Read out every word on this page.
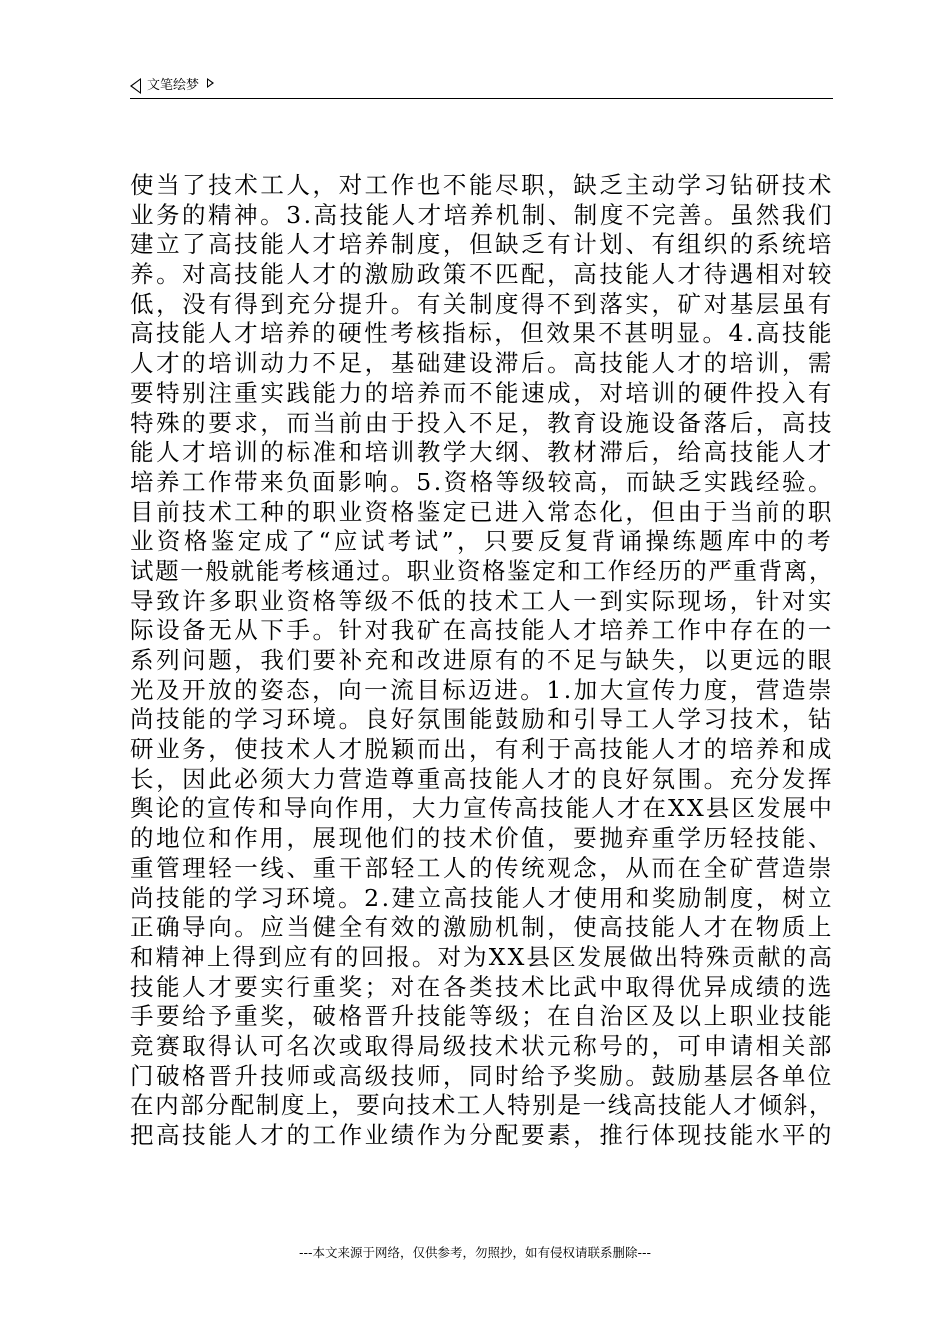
文笔绘梦
使当了技术工人，对工作也不能尽职，缺乏主动学习钻研技术
业务的精神。3.高技能人才培养机制、制度不完善。虽然我们
建立了高技能人才培养制度，但缺乏有计划、有组织的系统培
养。对高技能人才的激励政策不匹配，高技能人才待遇相对较
低，没有得到充分提升。有关制度得不到落实，矿对基层虽有
高技能人才培养的硬性考核指标，但效果不甚明显。4.高技能
人才的培训动力不足，基础建设滞后。高技能人才的培训，需
要特别注重实践能力的培养而不能速成，对培训的硬件投入有
特殊的要求，而当前由于投入不足，教育设施设备落后，高技
能人才培训的标准和培训教学大纲、教材滞后，给高技能人才
培养工作带来负面影响。5.资格等级较高，而缺乏实践经验。
目前技术工种的职业资格鉴定已进入常态化，但由于当前的职
业资格鉴定成了“应试考试”，只要反复背诵操练题库中的考
试题一般就能考核通过。职业资格鉴定和工作经历的严重背离，
导致许多职业资格等级不低的技术工人一到实际现场，针对实
际设备无从下手。针对我矿在高技能人才培养工作中存在的一
系列问题，我们要补充和改进原有的不足与缺失，以更远的眼
光及开放的姿态，向一流目标迈进。1.加大宣传力度，营造崇
尚技能的学习环境。良好氛围能鼓励和引导工人学习技术，钻
研业务，使技术人才脱颖而出，有利于高技能人才的培养和成
长，因此必须大力营造尊重高技能人才的良好氛围。充分发挥
舆论的宣传和导向作用，大力宣传高技能人才在XX县区发展中
的地位和作用，展现他们的技术价值，要抛弃重学历轻技能、
重管理轻一线、重干部轻工人的传统观念，从而在全矿营造崇
尚技能的学习环境。2.建立高技能人才使用和奖励制度，树立
正确导向。应当健全有效的激励机制，使高技能人才在物质上
和精神上得到应有的回报。对为XX县区发展做出特殊贡献的高
技能人才要实行重奖；对在各类技术比武中取得优异成绩的选
手要给予重奖，破格晋升技能等级；在自治区及以上职业技能
竞赛取得认可名次或取得局级技术状元称号的，可申请相关部
门破格晋升技师或高级技师，同时给予奖励。鼓励基层各单位
在内部分配制度上，要向技术工人特别是一线高技能人才倾斜，
把高技能人才的工作业绩作为分配要素，推行体现技能水平的
---本文来源于网络，仅供参考，勿照抄，如有侵权请联系删除---
